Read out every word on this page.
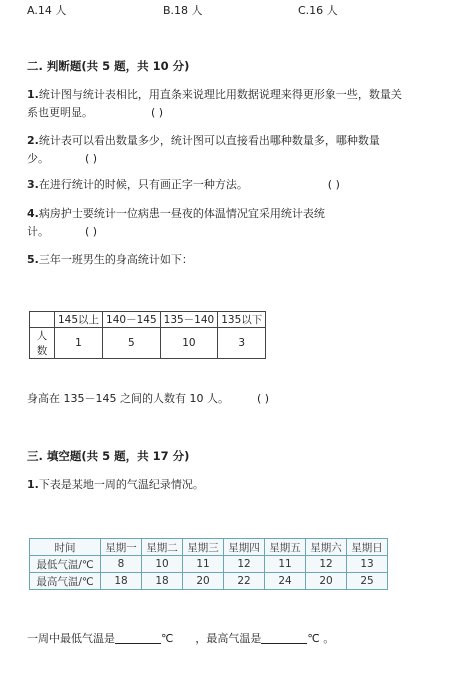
A.14 人	B.18 人	C.16 人
二. 判断题(共 5 题，共 10 分)
1.统计图与统计表相比，用直条来说理比用数据说理来得更形象一些，数量关
系也更明显。	( )
2.统计表可以看出数量多少，统计图可以直接看出哪种数量多，哪种数量
少。	( )
3.在进行统计的时候，只有画正字一种方法。	( )
4.病房护士要统计一位病患一昼夜的体温情况宜采用统计表统
计。	( )
5.三年一班男生的身高统计如下：
	145以上	140－145	135－140	135以下
人数	1	5	10	3
身高在 135－145 之间的人数有 10 人。	( )
三. 填空题(共 5 题，共 17 分)
1.下表是某地一周的气温纪录情况。
时间	星期一	星期二	星期三	星期四	星期五	星期六	星期日
最低气温/℃	8	10	11	12	11	12	13
最高气温/℃	18	18	20	22	24	20	25
一周中最低气温是	℃ ，最高气温是	℃ 。
